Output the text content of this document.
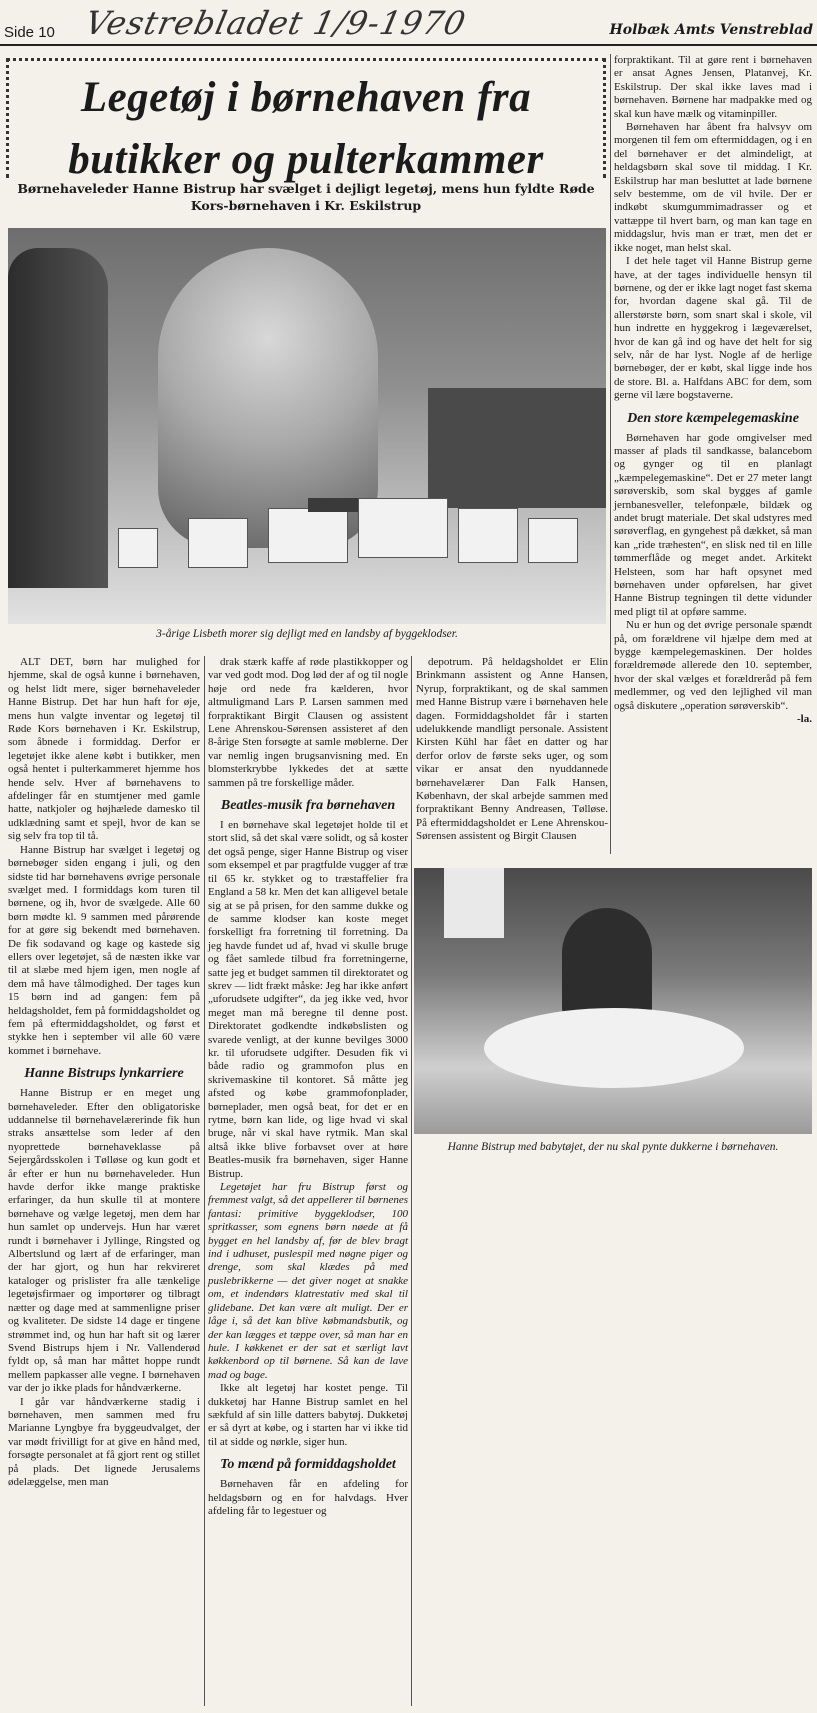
Side 10 Vestrebladet 1/9-1970	Holbæk Amts Venstreblad
Legetøj i børnehaven fra
butikker og pulterkammer
Børnehaveleder Hanne Bistrup har svælget i dejligt legetøj, mens hun fyldte Røde Kors-børnehaven i Kr. Eskilstrup
3-årige Lisbeth morer sig dejligt med en landsby af byggeklodser.

ALT DET, børn har mulighed for hjemme, skal de også kunne i børnehaven, og helst lidt mere, siger børnehaveleder Hanne Bistrup. Det har hun haft for øje, mens hun valgte inventar og legetøj til Røde Kors børnehaven i Kr. Eskilstrup, som åbnede i formiddag. Derfor er legetøjet ikke alene købt i butikker, men også hentet i pulterkammeret hjemme hos hende selv. Hver af børnehavens to afdelinger får en stumtjener med gamle hatte, natkjoler og højhælede dameskо til udklædning samt et spejl, hvor de kan se sig selv fra top til tå.

Hanne Bistrup har svælget i legetøj og børnebøger siden engang i juli, og den sidste tid har børnehavens øvrige personale svælget med. I formiddags kom turen til børnene, og ih, hvor de svælgede. Alle 60 børn mødte kl. 9 sammen med pårørende for at gøre sig bekendt med børnehaven. De fik sodavand og kage og kastede sig ellers over legetøjet, så de næsten ikke var til at slæbe med hjem igen, men nogle af dem må have tålmodighed. Der tages kun 15 børn ind ad gangen: fem på heldagsholdet, fem på formiddagsholdet og fem på eftermiddagsholdet, og først et stykke hen i september vil alle 60 være kommet i børnehave.

Hanne Bistrups lynkarriere

Hanne Bistrup er en meget ung børnehaveleder. Efter den obligatoriske uddannelse til børnehavelærerinde fik hun straks ansættelse som leder af den nyoprettede børnehaveklasse på Sejergårdsskolen i Tølløse og kun godt et år efter er hun nu børnehaveleder. Hun havde derfor ikke mange praktiske erfaringer, da hun skulle til at montere børnehave og vælge legetøj, men dem har hun samlet op undervejs. Hun har været rundt i børnehaver i Jyllinge, Ringsted og Albertslund og lært af de erfaringer, man der har gjort, og hun har rekvireret kataloger og prislister fra alle tænkelige legetøjsfirmaer og importører og tilbragt nætter og dage med at sammenligne priser og kvaliteter. De sidste 14 dage er tingene strømmet ind, og hun har haft sit og lærer Svend Bistrups hjem i Nr. Vallenderød fyldt op, så man har måttet hoppe rundt mellem papkasser alle vegne. I børnehaven var der jo ikke plads for håndværkerne.

I går var håndværkerne stadig i børnehaven, men sammen med fru Marianne Lyngbye fra byggeudvalget, der var mødt frivilligt for at give en hånd med, forsøgte personalet at få gjort rent og stillet på plads. Det lignede Jerusalems ødelæggelse, men man

drak stærk kaffe af røde plastikkopper og var ved godt mod. Dog lød der af og til nogle høje ord nede fra kælderen, hvor altmuligmand Lars P. Larsen sammen med forpraktikant Birgit Clausen og assistent Lene Ahrenskou-Sørensen assisteret af den 8-årige Sten forsøgte at samle møblerne. Der var nemlig ingen brugsanvisning med. En blomsterkrybbe lykkedes det at sætte sammen på tre forskellige måder.

Beatles-musik fra børnehaven

I en børnehave skal legetøjet holde til et stort slid, så det skal være solidt, og så koster det også penge, siger Hanne Bistrup og viser som eksempel et par pragtfulde vugger af træ til 65 kr. stykket og to træstaffelier fra England a 58 kr. Men det kan alligevel betale sig at se på prisen, for den samme dukke og de samme klodser kan koste meget forskelligt fra forretning til forretning. Da jeg havde fundet ud af, hvad vi skulle bruge og fået samlede tilbud fra forretningerne, satte jeg et budget sammen til direktoratet og skrev — lidt frækt måske: Jeg har ikke anført „uforudsete udgifter“, da jeg ikke ved, hvor meget man må beregne til denne post. Direktoratet godkendte indkøbslisten og svarede venligt, at der kunne bevilges 3000 kr. til uforudsete udgifter. Desuden fik vi både radio og grammofon plus en skrivemaskine til kontoret. Så måtte jeg afsted og købe grammofonplader, børneplader, men også beat, for det er en rytme, børn kan lide, og lige hvad vi skal bruge, når vi skal have rytmik. Man skal altså ikke blive forbavset over at høre Beatles-musik fra børnehaven, siger Hanne Bistrup.

Legetøjet har fru Bistrup først og fremmest valgt, så det appellerer til børnenes fantasi: primitive byggeklodser, 100 spritkasser, som egnens børn nøede at få bygget en hel landsby af, før de blev bragt ind i udhuset, puslespil med nøgne piger og drenge, som skal klædes på med puslebrikkerne — det giver noget at snakke om, et indendørs klatrestativ med skal til glidebane. Det kan være alt muligt. Der er låge i, så det kan blive købmandsbutik, og der kan lægges et tæppe over, så man har en hule. I køkkenet er der sat et særligt lavt køkkenbord op til børnene. Så kan de lave mad og bage.

Ikke alt legetøj har kostet penge. Til dukketøj har Hanne Bistrup samlet en hel sækfuld af sin lille datters babytøj. Dukketøj er så dyrt at købe, og i starten har vi ikke tid til at sidde og nørkle, siger hun.

To mænd på formiddagsholdet

Børnehaven får en afdeling for heldagsbørn og en for halvdags. Hver afdeling får to legestuer og

depotrum. På heldagsholdet er Elin Brinkmann assistent og Anne Hansen, Nyrup, forpraktikant, og de skal sammen med Hanne Bistrup være i børnehaven hele dagen. Formiddagsholdet får i starten udelukkende mandligt personale. Assistent Kirsten Kühl har fået en datter og har derfor orlov de første seks uger, og som vikar er ansat den nyuddannede børnehavelærer Dan Falk Hansen, København, der skal arbejde sammen med forpraktikant Benny Andreasen, Tølløse. På eftermiddagsholdet er Lene Ahrenskou-Sørensen assistent og Birgit Clausen

forpraktikant. Til at gøre rent i børnehaven er ansat Agnes Jensen, Platanvej, Kr. Eskilstrup. Der skal ikke laves mad i børnehaven. Børnene har madpakke med og skal kun have mælk og vitaminpiller.

Børnehaven har åbent fra halvsyv om morgenen til fem om eftermiddagen, og i en del børnehaver er det almindeligt, at heldagsbørn skal sove til middag. I Kr. Eskilstrup har man besluttet at lade børnene selv bestemme, om de vil hvile. Der er indkøbt skumgummimadrasser og et vattæppe til hvert barn, og man kan tage en middagslur, hvis man er træt, men det er ikke noget, man helst skal.

I det hele taget vil Hanne Bistrup gerne have, at der tages individuelle hensyn til børnene, og der er ikke lagt noget fast skema for, hvordan dagene skal gå. Til de allerstørste børn, som snart skal i skole, vil hun indrette en hyggekrog i lægeværelset, hvor de kan gå ind og have det helt for sig selv, når de har lyst. Nogle af de herlige børnebøger, der er købt, skal ligge inde hos de store. Bl. a. Halfdans ABC for dem, som gerne vil lære bogstaverne.

Den store kæmpelegemaskine

Børnehaven har gode omgivelser med masser af plads til sandkasse, balancebom og gynger og til en planlagt „kæmpelegemaskine“. Det er 27 meter langt sørøverskib, som skal bygges af gamle jernbanesveller, telefonpæle, bildæk og andet brugt materiale. Det skal udstyres med sørøverflag, en gyngehest på dækket, så man kan „ride træhesten“, en slisk ned til en lille tømmerflåde og meget andet. Arkitekt Helsteen, som har haft opsynet med børnehaven under opførelsen, har givet Hanne Bistrup tegningen til dette vidunder med pligt til at opføre samme.

Nu er hun og det øvrige personale spændt på, om forældrene vil hjælpe dem med at bygge kæmpelegemaskinen. Der holdes forældremøde allerede den 10. september, hvor der skal vælges et forældreråd på fem medlemmer, og ved den lejlighed vil man også diskutere „operation sørøverskib“.

-la.
Hanne Bistrup med babytøjet, der nu skal pynte dukkerne i børnehaven.
